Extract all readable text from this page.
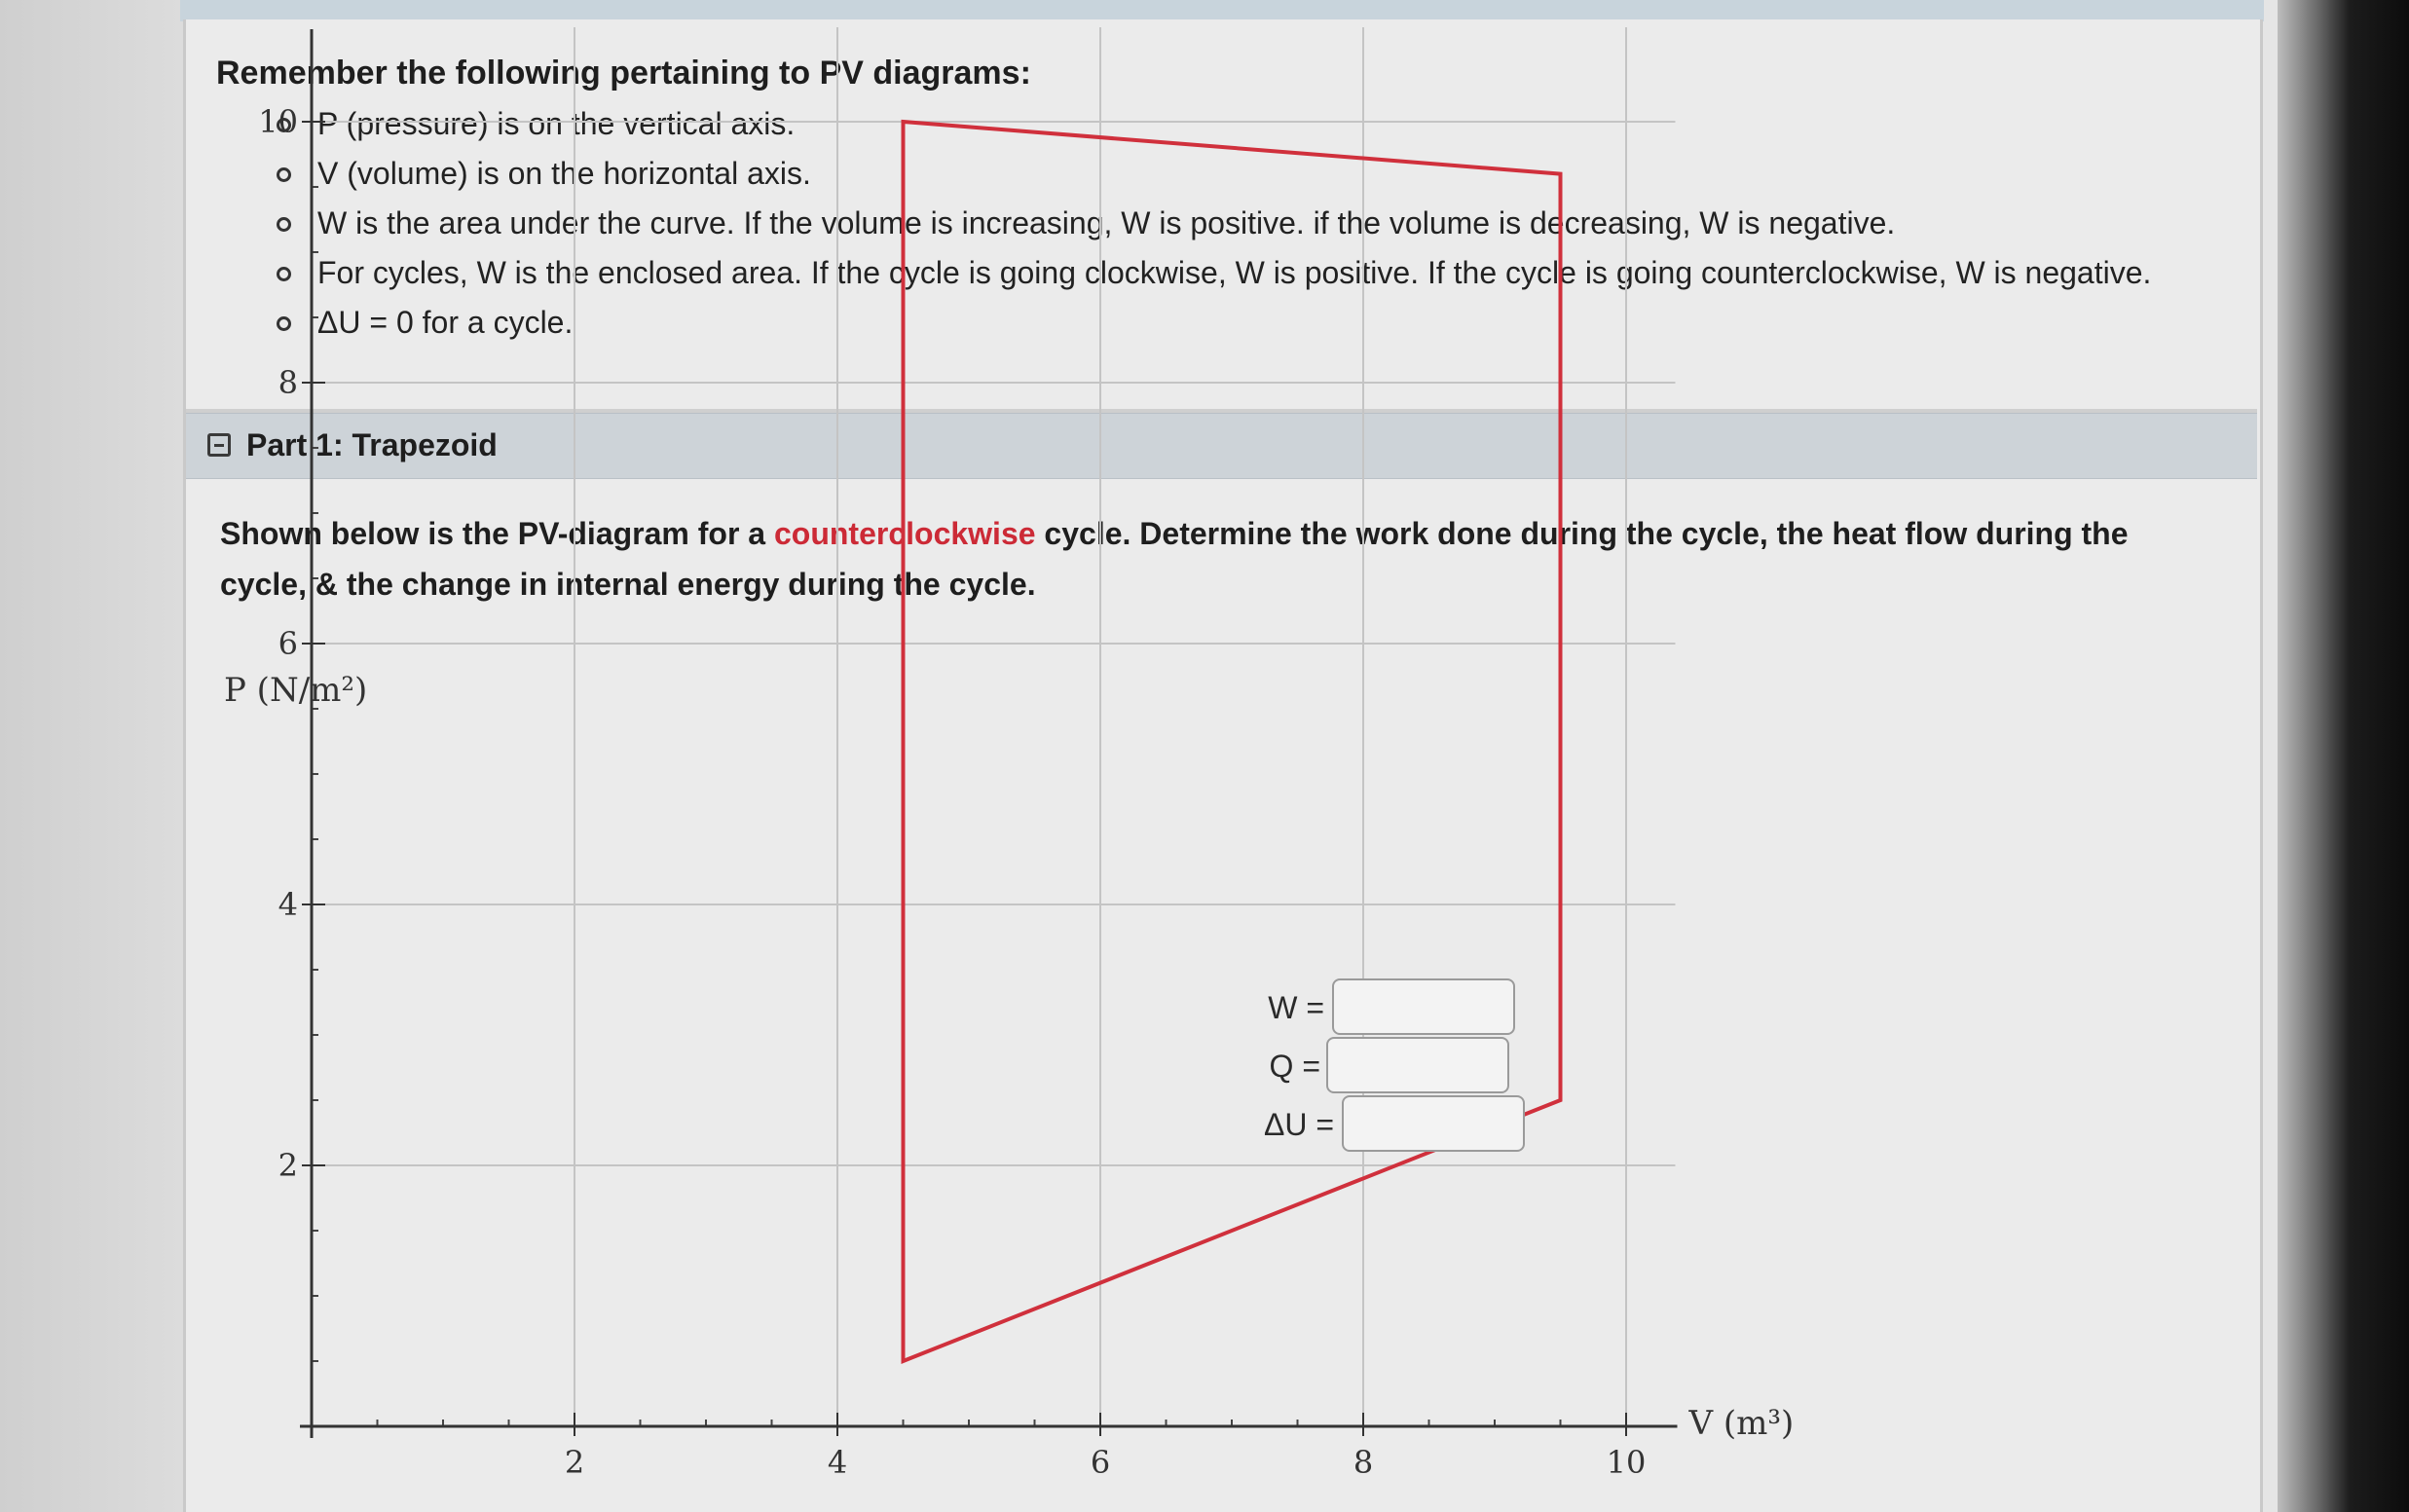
Remember the following pertaining to PV diagrams:
P (pressure) is on the vertical axis.
V (volume) is on the horizontal axis.
W is the area under the curve. If the volume is increasing, W is positive. if the volume is decreasing, W is negative.
For cycles, W is the enclosed area. If the cycle is going clockwise, W is positive. If the cycle is going counterclockwise, W is negative.
ΔU = 0 for a cycle.
Part 1: Trapezoid
Shown below is the PV-diagram for a counterclockwise cycle. Determine the work done during the cycle, the heat flow during the cycle, & the change in internal energy during the cycle.
2	4	6	8	10
2
4
6
8
10
P (N/m²)
V (m³)
W =
Q =
ΔU =
